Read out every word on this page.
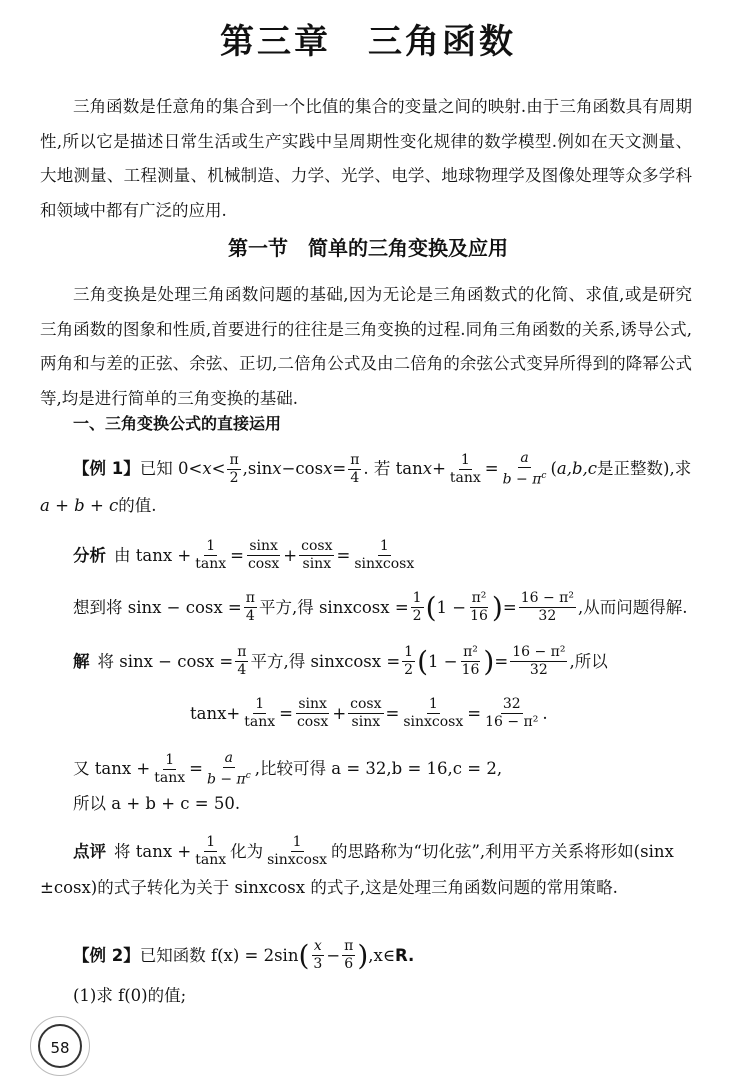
第三章　三角函数
三角函数是任意角的集合到一个比值的集合的变量之间的映射.由于三角函数具有周期性,所以它是描述日常生活或生产实践中呈周期性变化规律的数学模型.例如在天文测量、大地测量、工程测量、机械制造、力学、光学、电学、地球物理学及图像处理等众多学科和领域中都有广泛的应用.
第一节　简单的三角变换及应用
三角变换是处理三角函数问题的基础,因为无论是三角函数式的化简、求值,或是研究三角函数的图象和性质,首要进行的往往是三角变换的过程.同角三角函数的关系,诱导公式,两角和与差的正弦、余弦、正切,二倍角公式及由二倍角的余弦公式变异所得到的降幂公式等,均是进行简单的三角变换的基础.
一、三角变换公式的直接运用
【例 1】 已知 $0< x < \frac{\pi}{2} ,\sin$ x −cos $x = \frac{\pi}{4}$ . 若 $\tan x + \frac{1}{\tan x} = \frac{a}{b - \pi^c}$ ( a,b,c 是正整数),求
a + b + c 的值.
分析 由 $\tan x + \frac{1}{\tan x} = \frac{\sin x}{\cos x} + \frac{\cos x}{\sin x} = \frac{1}{\text{sinxcosx}}$
想到将 $\sin x - \cos x = \frac{\pi}{4}$ 平方,得 sinxcosx = $\frac{1}{2}$ ( $1 - \frac{\text{π²}}{16}$ ) = $\frac{\text{16 − π²}}{32}$ ,从而问题得解.
解 将 $\sin x - \cos x = \frac{\pi}{4}$ 平方,得 sinxcosx = $\frac{1}{2}$ ( $1 - \frac{\text{π²}}{16}$ ) = $\frac{\text{16 − π²}}{32}$ ,所以
$\tan x + \frac{1}{\tan x} = \frac{\sin x}{\cos x} + \frac{\cos x}{\sin x} = \frac{1}{\text{sinxcosx}} = \frac{32}{\text{16 − π²}}$ .
又 $\tan x + \frac{1}{\tan x} = \frac{a}{b - \pi^c}$ ,比较可得 a = 32,b = 16,c = 2,
所以 a + b + c = 50.
点评 将 $\tan x + \frac{1}{\tan x}$ 化为 $\frac{1}{\text{sinxcosx}}$ 的思路称为“切化弦”,利用平方关系将形如(sinx
±cosx)的式子转化为关于 sinxcosx 的式子,这是处理三角函数问题的常用策略.
【例 2】 已知函数 f(x) = 2sin ( $\frac{x}{3} - \frac{\pi}{6}$ ) ,x∈ R.
(1)求 f(0)的值;
58
